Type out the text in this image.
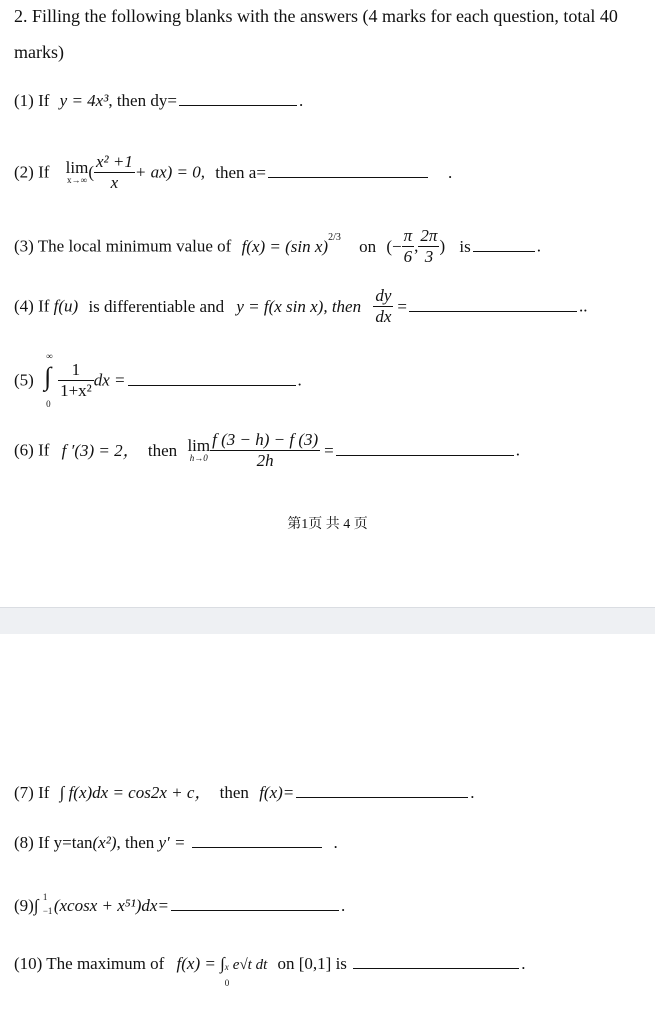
2. Filling the following blanks with the answers (4 marks for each question, total 40
marks)
(1) If y = 4x³, then dy=	.
(2) If lim
x→∞ ( $\frac{\text{x² +1}}{x} + ax) = 0$, then a=	.
(3) The local minimum value of f(x) = (sin x)$^{2/3}$ on (− $\frac{\pi}{6}$ , $\frac{2\pi}{3}$ ) is	.
(4) If f(u) is differentiable and y = f(x sin x), then $\frac{dy}{dx}$ =	..
(5)
∞
∫
0
$\frac{1}{\text{1+x²}}$ dx =	.
(6) If f ′(3) = 2， then lim
$h\to 0 \frac{f (3 - h) - f (3)}{2h}$ =	.
第1页 共 4 页
(7) If ∫ f(x)dx = cos2x + c， then f(x)=	.
(8) If y=tan(x²), then y′ =	.
(9)∫ 1
−1 (xcosx + x⁵¹)dx=	.
(10) The maximum of f(x) = ∫ x
0
e√t dt on [0,1] is	.
